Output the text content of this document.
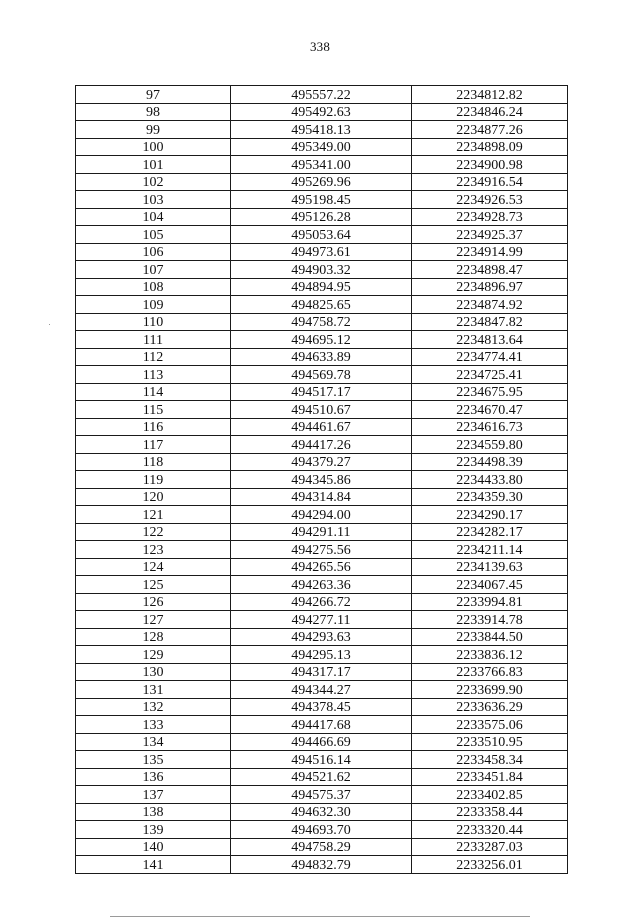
338
97	495557.22	2234812.82
98	495492.63	2234846.24
99	495418.13	2234877.26
100	495349.00	2234898.09
101	495341.00	2234900.98
102	495269.96	2234916.54
103	495198.45	2234926.53
104	495126.28	2234928.73
105	495053.64	2234925.37
106	494973.61	2234914.99
107	494903.32	2234898.47
108	494894.95	2234896.97
109	494825.65	2234874.92
110	494758.72	2234847.82
111	494695.12	2234813.64
112	494633.89	2234774.41
113	494569.78	2234725.41
114	494517.17	2234675.95
115	494510.67	2234670.47
116	494461.67	2234616.73
117	494417.26	2234559.80
118	494379.27	2234498.39
119	494345.86	2234433.80
120	494314.84	2234359.30
121	494294.00	2234290.17
122	494291.11	2234282.17
123	494275.56	2234211.14
124	494265.56	2234139.63
125	494263.36	2234067.45
126	494266.72	2233994.81
127	494277.11	2233914.78
128	494293.63	2233844.50
129	494295.13	2233836.12
130	494317.17	2233766.83
131	494344.27	2233699.90
132	494378.45	2233636.29
133	494417.68	2233575.06
134	494466.69	2233510.95
135	494516.14	2233458.34
136	494521.62	2233451.84
137	494575.37	2233402.85
138	494632.30	2233358.44
139	494693.70	2233320.44
140	494758.29	2233287.03
141	494832.79	2233256.01
